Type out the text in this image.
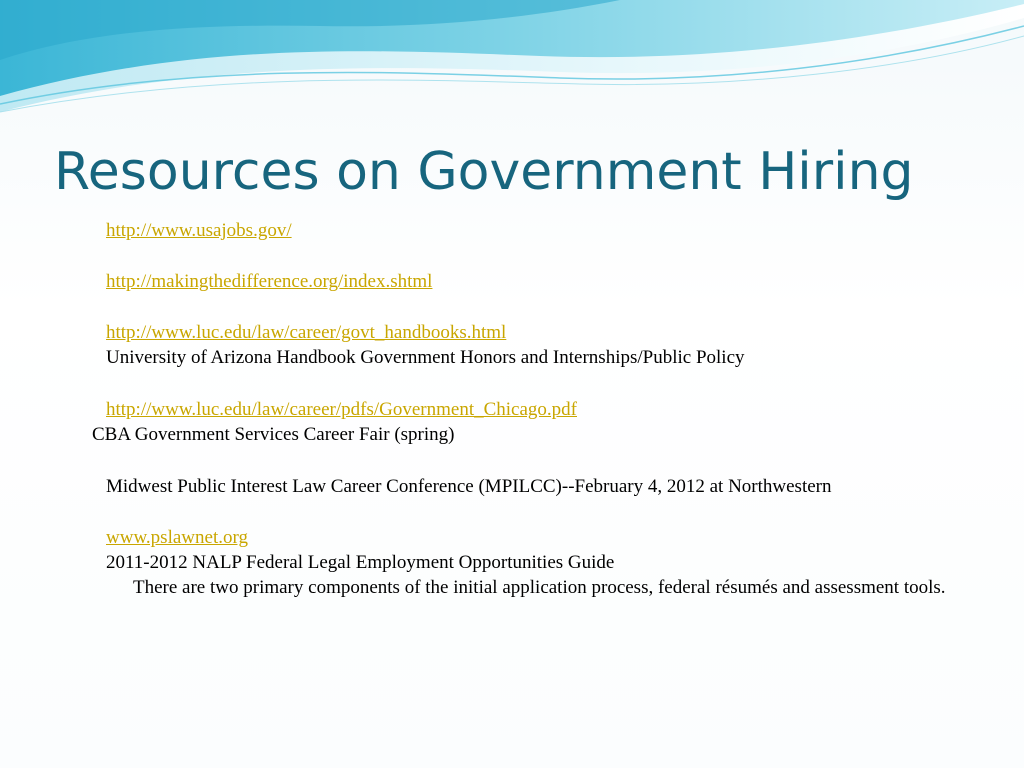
Resources on Government Hiring
http://www.usajobs.gov/
http://makingthedifference.org/index.shtml
http://www.luc.edu/law/career/govt_handbooks.html
University of Arizona Handbook Government Honors and Internships/Public Policy
http://www.luc.edu/law/career/pdfs/Government_Chicago.pdf
CBA Government Services Career Fair (spring)
Midwest Public Interest Law Career Conference (MPILCC)--February 4, 2012 at Northwestern
www.pslawnet.org
2011-2012 NALP Federal Legal Employment Opportunities Guide
There are two primary components of the initial application process, federal résumés and assessment tools.
